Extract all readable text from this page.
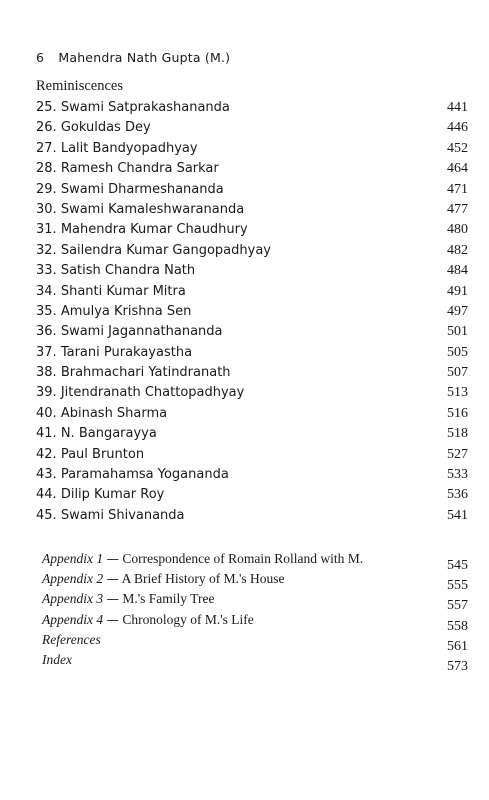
6 Mahendra Nath Gupta (M.)
Reminiscences
25. Swami Satprakashananda	441
26. Gokuldas Dey	446
27. Lalit Bandyopadhyay	452
28. Ramesh Chandra Sarkar	464
29. Swami Dharmeshananda	471
30. Swami Kamaleshwarananda	477
31. Mahendra Kumar Chaudhury	480
32. Sailendra Kumar Gangopadhyay	482
33. Satish Chandra Nath	484
34. Shanti Kumar Mitra	491
35. Amulya Krishna Sen	497
36. Swami Jagannathananda	501
37. Tarani Purakayastha	505
38. Brahmachari Yatindranath	507
39. Jitendranath Chattopadhyay	513
40. Abinash Sharma	516
41. N. Bangarayya	518
42. Paul Brunton	527
43. Paramahamsa Yogananda	533
44. Dilip Kumar Roy	536
45. Swami Shivananda	541
Appendix 1 — Correspondence of Romain Rolland with M.	545
Appendix 2 — A Brief History of M.'s House	555
Appendix 3 — M.'s Family Tree	557
Appendix 4 — Chronology of M.'s Life	558
References	561
Index	573
